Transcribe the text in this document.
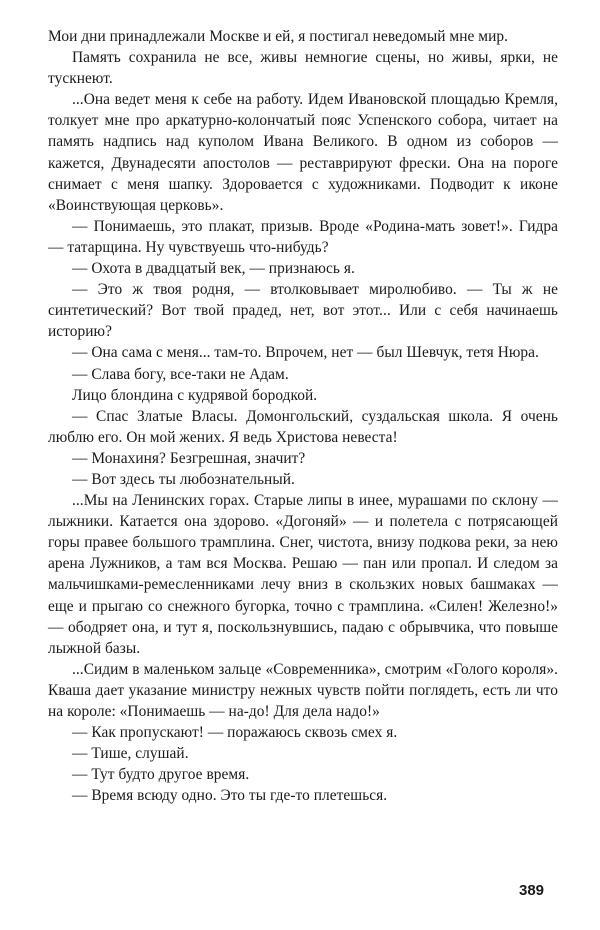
Мои дни принадлежали Москве и ей, я постигал неведомый мне мир.

Память сохранила не все, живы немногие сцены, но живы, ярки, не тускнеют.

...Она ведет меня к себе на работу. Идем Ивановской площадью Кремля, толкует мне про аркатурно-колончатый пояс Успенского собора, читает на память надпись над куполом Ивана Великого. В одном из соборов — кажется, Двунадесяти апостолов — реставрируют фрески. Она на пороге снимает с меня шапку. Здоровается с художниками. Подводит к иконе «Воинствующая церковь».

— Понимаешь, это плакат, призыв. Вроде «Родина-мать зовет!». Гидра — татарщина. Ну чувствуешь что-нибудь?

— Охота в двадцатый век, — признаюсь я.

— Это ж твоя родня, — втолковывает миролюбиво. — Ты ж не синтетический? Вот твой прадед, нет, вот этот... Или с себя начинаешь историю?

— Она сама с меня... там-то. Впрочем, нет — был Шевчук, тетя Нюра.

— Слава богу, все-таки не Адам.

Лицо блондина с кудрявой бородкой.

— Спас Златые Власы. Домонгольский, суздальская школа. Я очень люблю его. Он мой жених. Я ведь Христова невеста!

— Монахиня? Безгрешная, значит?

— Вот здесь ты любознательный.

...Мы на Ленинских горах. Старые липы в инее, мурашами по склону — лыжники. Катается она здорово. «Догоняй» — и полетела с потрясающей горы правее большого трамплина. Снег, чистота, внизу подкова реки, за нею арена Лужников, а там вся Москва. Решаю — пан или пропал. И следом за мальчишками-ремесленниками лечу вниз в скользких новых башмаках — еще и прыгаю со снежного бугорка, точно с трамплина. «Силен! Железно!» — ободряет она, и тут я, поскользнувшись, падаю с обрывчика, что повыше лыжной базы.

...Сидим в маленьком зальце «Современника», смотрим «Голого короля». Кваша дает указание министру нежных чувств пойти поглядеть, есть ли что на короле: «Понимаешь — на-до! Для дела надо!»

— Как пропускают! — поражаюсь сквозь смех я.

— Тише, слушай.

— Тут будто другое время.

— Время всюду одно. Это ты где-то плетешься.

389
